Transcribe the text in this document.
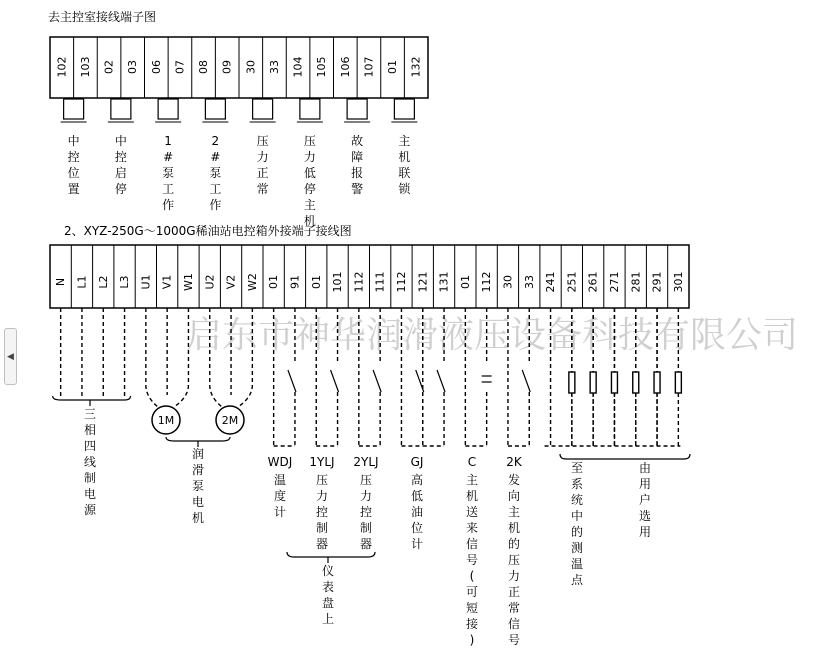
去主控室接线端子图
102 103 02 03 06 07 08 09 30 33 104 105 106 107 01 132
中
控
位
置
中
控
启
停
1
#
泵
工
作
2
#
泵
工
作
压
力
正
常
压
力
低
停
主
机
故
障
报
警
主
机
联
锁
2、XYZ-250G～1000G稀油站电控箱外接端子接线图
N L1 L2 L3 U1 V1 W1 U2 V2 W2 01 91 01 101 112 111 112 121 131 01 112 30 33 241 251 261 271 281 291 301
启东市神华润滑液压设备科技有限公司
1M	2M
三
相
四
线
制
电
源
润
滑
泵
电
机
WDJ
温
度
计
1YLJ
压
力
控
制
器
2YLJ
压
力
控
制
器
GJ
高
低
油
位
计
C
主
机
送
来
信
号
(
可
短
接
)
2K
发
向
主
机
的
压
力
正
常
信
号
仪
表
盘
上
至
系
统
中
的
测
温
点
由
用
户
选
用
◀
